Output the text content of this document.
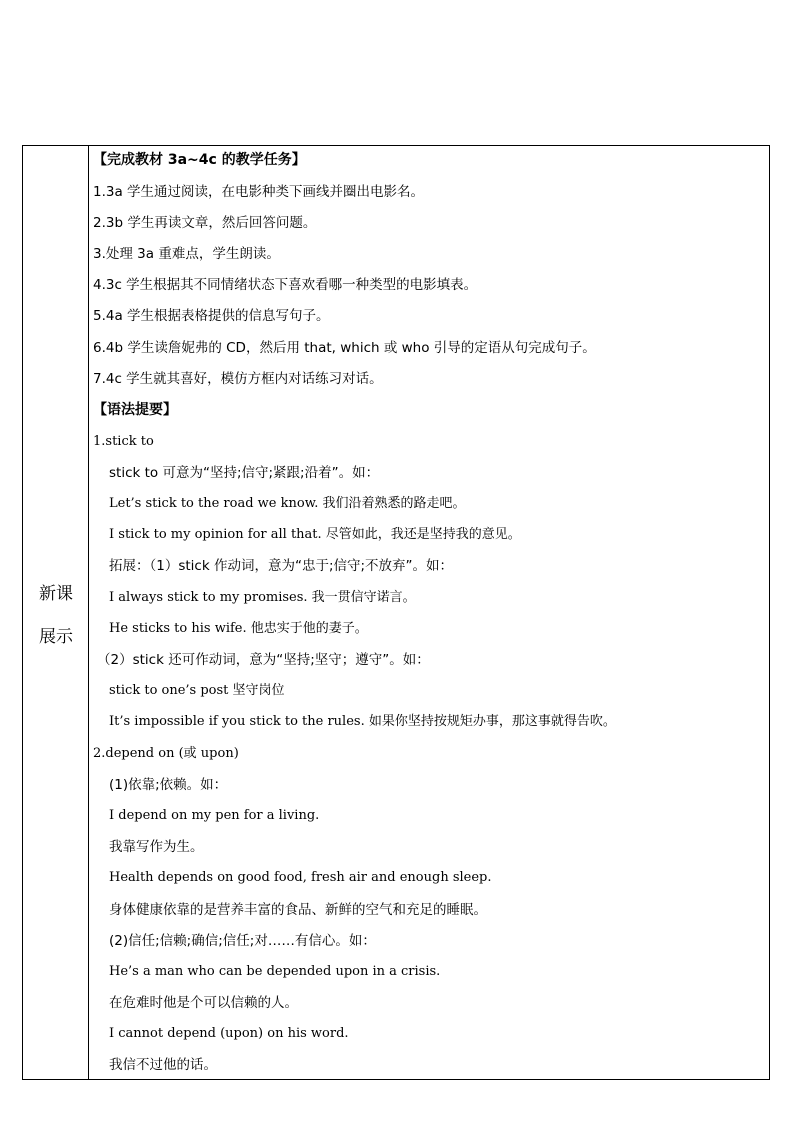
新课
展示
【完成教材 3a~4c 的教学任务】
1.3a 学生通过阅读，在电影种类下画线并圈出电影名。
2.3b 学生再读文章，然后回答问题。
3.处理 3a 重难点，学生朗读。
4.3c 学生根据其不同情绪状态下喜欢看哪一种类型的电影填表。
5.4a 学生根据表格提供的信息写句子。
6.4b 学生读詹妮弗的 CD，然后用 that, which 或 who 引导的定语从句完成句子。
7.4c 学生就其喜好，模仿方框内对话练习对话。
【语法提要】
1.stick to
stick to 可意为“坚持;信守;紧跟;沿着”。如：
Let’s stick to the road we know. 我们沿着熟悉的路走吧。
I stick to my opinion for all that. 尽管如此，我还是坚持我的意见。
拓展：（1）stick 作动词，意为“忠于;信守;不放弃”。如：
I always stick to my promises. 我一贯信守诺言。
He sticks to his wife. 他忠实于他的妻子。
（2）stick 还可作动词，意为“坚持;坚守；遵守”。如：
stick to one’s post 坚守岗位
It’s impossible if you stick to the rules. 如果你坚持按规矩办事，那这事就得告吹。
2.depend on (或 upon)
(1)依靠;依赖。如：
I depend on my pen for a living.
我靠写作为生。
Health depends on good food, fresh air and enough sleep.
身体健康依靠的是营养丰富的食品、新鲜的空气和充足的睡眠。
(2)信任;信赖;确信;信任;对……有信心。如：
He’s a man who can be depended upon in a crisis.
在危难时他是个可以信赖的人。
I cannot depend (upon) on his word.
我信不过他的话。
